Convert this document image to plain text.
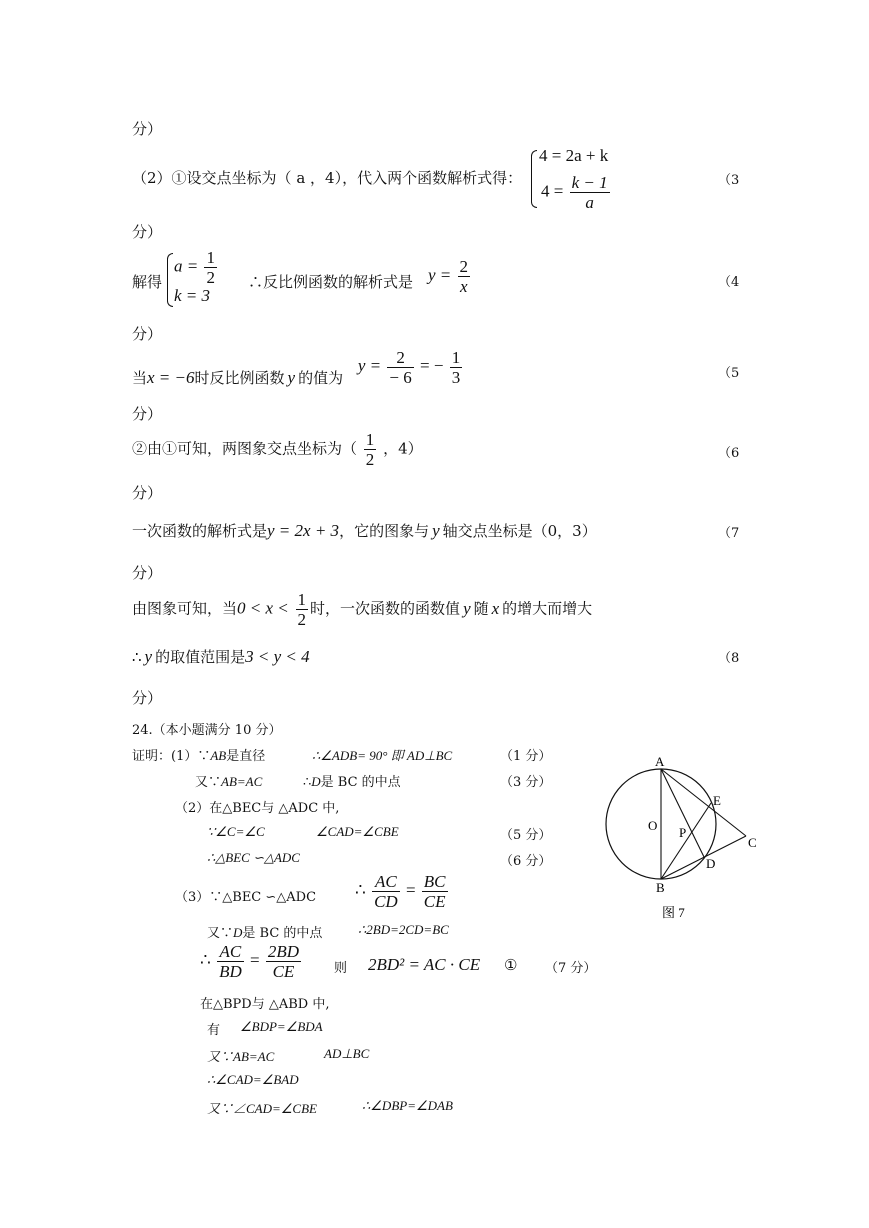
分）
（2）①设交点坐标为（ a ，4），代入两个函数解析式得：
4 = 2a + k
$4 = \frac{k - 1}{a}$	（3
分）
解得
$a = \frac{1}{2}$
k = 3
∴反比例函数的解析式是 $y = \frac{2}{x}$	（4
分）
当x = −6时反比例函数 y 的值为 $y = \frac{2}{- 6}$ = − $\frac{1}{3}$	（5
分）
②由①可知，两图象交点坐标为（ $\frac{1}{2}$ ，4）	（6
分）
一次函数的解析式是y = 2x + 3，它的图象与 y 轴交点坐标是（0，3）	（7
分）
由图象可知，当$0 < x < \frac{1}{2}$ 时，一次函数的函数值 y 随 x 的增大而增大
∴ y 的取值范围是3 < y < 4	（8
分）
24.（本小题满分 10 分）
证明：(1）∵AB是直径	∴∠ADB= 90° 即 AD⊥BC	（1 分）
又∵AB=AC	∴D是 BC 的中点	（3 分）
（2）在△BEC与 △ADC 中,
∵∠C=∠C	∠CAD=∠CBE	（5 分）
∴△BEC ∽△ADC	（6 分）
（3）∵△BEC ∽△ADC ∴ $\frac{AC}{CD} = \frac{BC}{CE}$
又∵D是 BC 的中点	∴2BD=2CD=BC
∴ $\frac{AC}{BD} = \frac{2BD}{CE}$	则 2BD² = AC · CE ① （7 分）
在△BPD与 △ABD 中,
有 ∠BDP=∠BDA
又∵AB=AC	AD⊥BC
∴∠CAD=∠BAD
又∵∠CAD=∠CBE	∴∠DBP=∠DAB
A
B
C
D
E
O P
图 7
